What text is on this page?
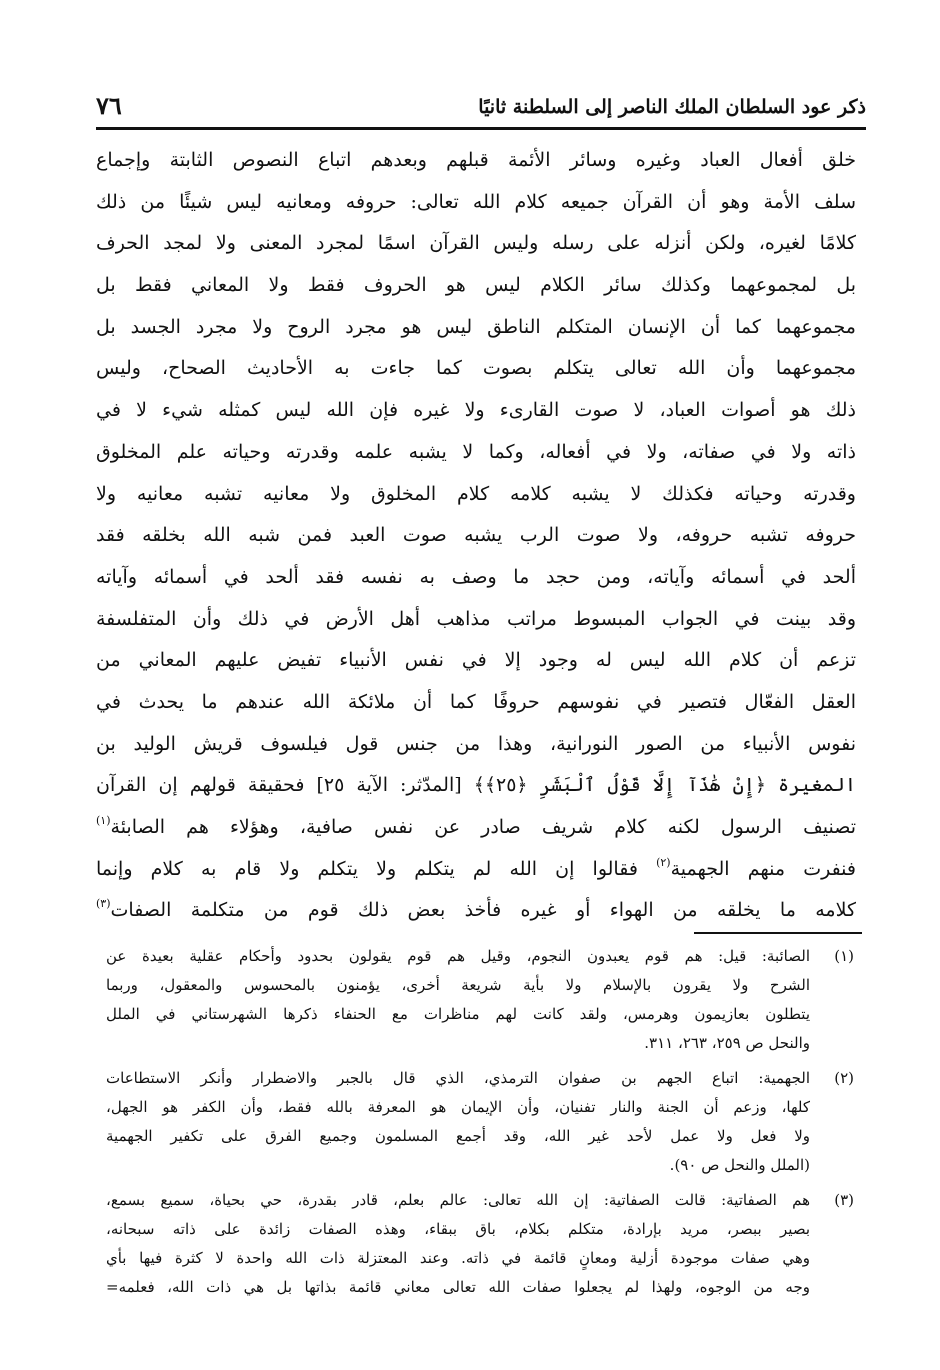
ذكر عود السلطان الملك الناصر إلى السلطنة ثانيًا
٧٦
خلق أفعال العباد وغيره وسائر الأئمة قبلهم وبعدهم اتباع النصوص الثابتة وإجماع
سلف الأمة وهو أن القرآن جميعه كلام الله تعالى: حروفه ومعانيه ليس شيئًا من ذلك
كلامًا لغيره، ولكن أنزله على رسله وليس القرآن اسمًا لمجرد المعنى ولا لمجد الحرف
بل لمجموعهما وكذلك سائر الكلام ليس هو الحروف فقط ولا المعاني فقط بل
مجموعهما كما أن الإنسان المتكلم الناطق ليس هو مجرد الروح ولا مجرد الجسد بل
مجموعهما وأن الله تعالى يتكلم بصوت كما جاءت به الأحاديث الصحاح، وليس
ذلك هو أصوات العباد، لا صوت القارىء ولا غيره فإن الله ليس كمثله شيء لا في
ذاته ولا في صفاته، ولا في أفعاله، وكما لا يشبه علمه وقدرته وحياته علم المخلوق
وقدرته وحياته فكذلك لا يشبه كلامه كلام المخلوق ولا معانيه تشبه معانيه ولا
حروفه تشبه حروفه، ولا صوت الرب يشبه صوت العبد فمن شبه الله بخلقه فقد
ألحد في أسمائه وآياته، ومن حجد ما وصف به نفسه فقد ألحد في أسمائه وآياته
وقد بينت في الجواب المبسوط مراتب مذاهب أهل الأرض في ذلك وأن المتفلسفة
تزعم أن كلام الله ليس له وجود إلا في نفس الأنبياء تفيض عليهم المعاني من
العقل الفعّال فتصير في نفوسهم حروفًا كما أن ملائكة الله عندهم ما يحدث في
نفوس الأنبياء من الصور النورانية، وهذا من جنس قول فيلسوف قريش الوليد بن
المغيرة ﴿إِنْ هَٰذَآ إِلَّا قَوْلُ ٱلْبَشَرِ ﴿٢٥﴾﴾ [المدّثر: الآية ٢٥] فحقيقة قولهم إن القرآن
تصنيف الرسول لكنه كلام شريف صادر عن نفس صافية، وهؤلاء هم الصابئة$^{(١)}$
فنفرت منهم الجهمية$^{(٢)}$ فقالوا إن الله لم يتكلم ولا يتكلم ولا قام به كلام وإنما
كلامه ما يخلقه من الهواء أو غيره فأخذ بعض ذلك قوم من متكلمة الصفات$^{(٣)}$
(١)
الصائبة: قيل: هم قوم يعبدون النجوم، وقيل هم قوم يقولون بحدود وأحكام عقلية بعيدة عن
الشرح ولا يقرون بالإسلام ولا بأية شريعة أخرى، يؤمنون بالمحسوس والمعقول، وربما
يتطلون بعازيمون وهرمس، ولقد كانت لهم مناظرات مع الحنفاء ذكرها الشهرستاني في الملل
والنحل ص ٢٥٩، ٢٦٣، ٣١١.
(٢)
الجهمية: اتباع الجهم بن صفوان الترمذي، الذي قال بالجبر والاضطرار وأنكر الاستطاعات
كلها، وزعم أن الجنة والنار تفنيان، وأن الإيمان هو المعرفة بالله فقط، وأن الكفر هو الجهل،
ولا فعل ولا عمل لأحد غير الله، وقد أجمع المسلمون وجميع الفرق على تكفير الجهمية
(الملل والنحل ص ٩٠).
(٣)
هم الصفاتية: قالت الصفاتية: إن الله تعالى: عالم بعلم، قادر بقدرة، حي بحياة، سميع بسمع،
بصير ببصر، مريد بإرادة، متكلم بكلام، باق ببقاء، وهذه الصفات زائدة على ذاته سبحانه،
وهي صفات موجودة أزلية ومعانٍ قائمة في ذاته. وعند المعتزلة ذات الله واحدة لا كثرة فيها بأي
وجه من الوجوه، ولهذا لم يجعلوا صفات الله تعالى معاني قائمة بذاتها بل هي ذات الله، فعلمه=
